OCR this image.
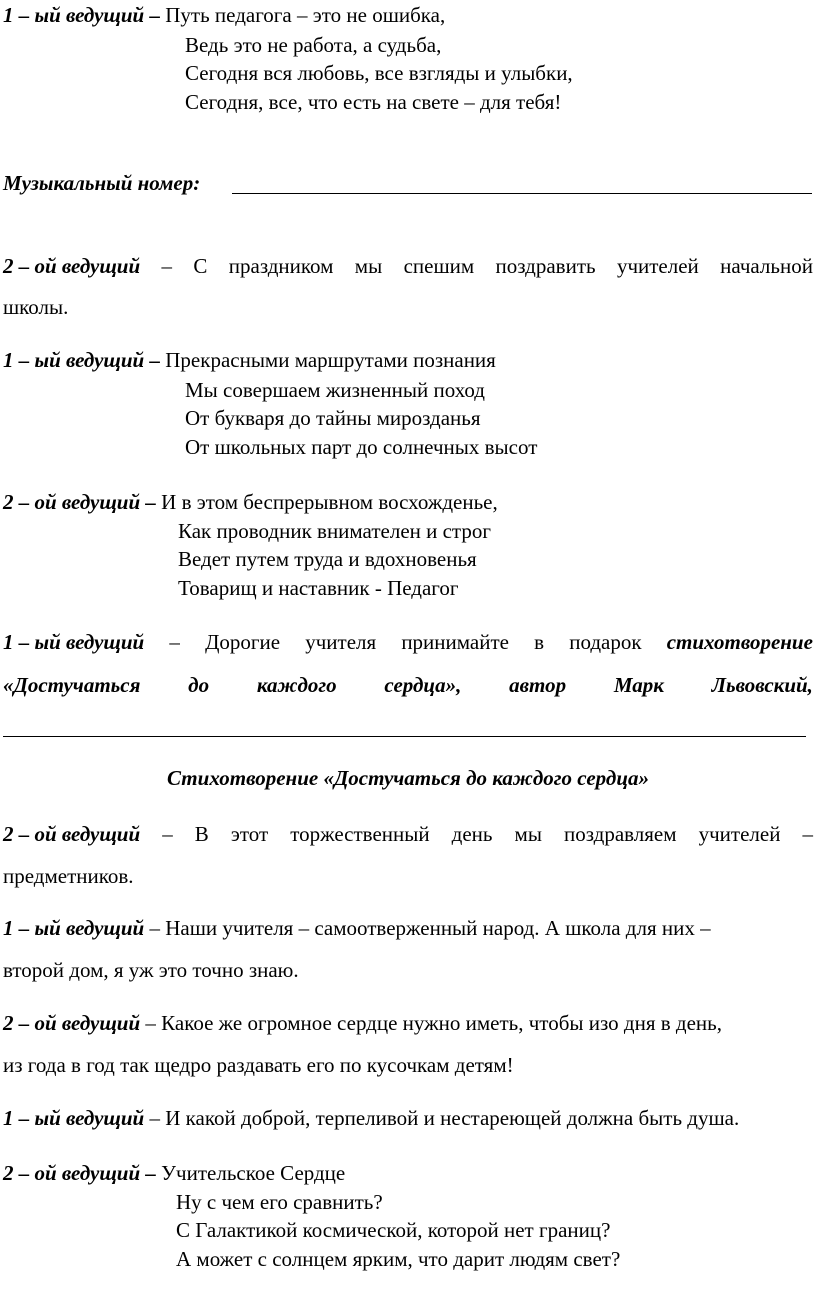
1 – ый ведущий – Путь педагога – это не ошибка,
Ведь это не работа, а судьба,
Сегодня вся любовь, все взгляды и улыбки,
Сегодня, все, что есть на свете – для тебя!
Музыкальный номер:
2 – ой ведущий – С праздником мы спешим поздравить учителей начальной
школы.
1 – ый ведущий – Прекрасными маршрутами познания
Мы совершаем жизненный поход
От букваря до тайны мирозданья
От школьных парт до солнечных высот
2 – ой ведущий – И в этом беспрерывном восхожденье,
Как проводник внимателен и строг
Ведет путем труда и вдохновенья
Товарищ и наставник - Педагог
1 – ый ведущий – Дорогие учителя принимайте в подарок стихотворение
«Достучаться до каждого сердца», автор Марк Львовский,
Стихотворение «Достучаться до каждого сердца»
2 – ой ведущий – В этот торжественный день мы поздравляем учителей –
предметников.
1 – ый ведущий – Наши учителя – самоотверженный народ. А школа для них –
второй дом, я уж это точно знаю.
2 – ой ведущий – Какое же огромное сердце нужно иметь, чтобы изо дня в день,
из года в год так щедро раздавать его по кусочкам детям!
1 – ый ведущий – И какой доброй, терпеливой и нестареющей должна быть душа.
2 – ой ведущий – Учительское Сердце
Ну с чем его сравнить?
С Галактикой космической, которой нет границ?
А может с солнцем ярким, что дарит людям свет?
